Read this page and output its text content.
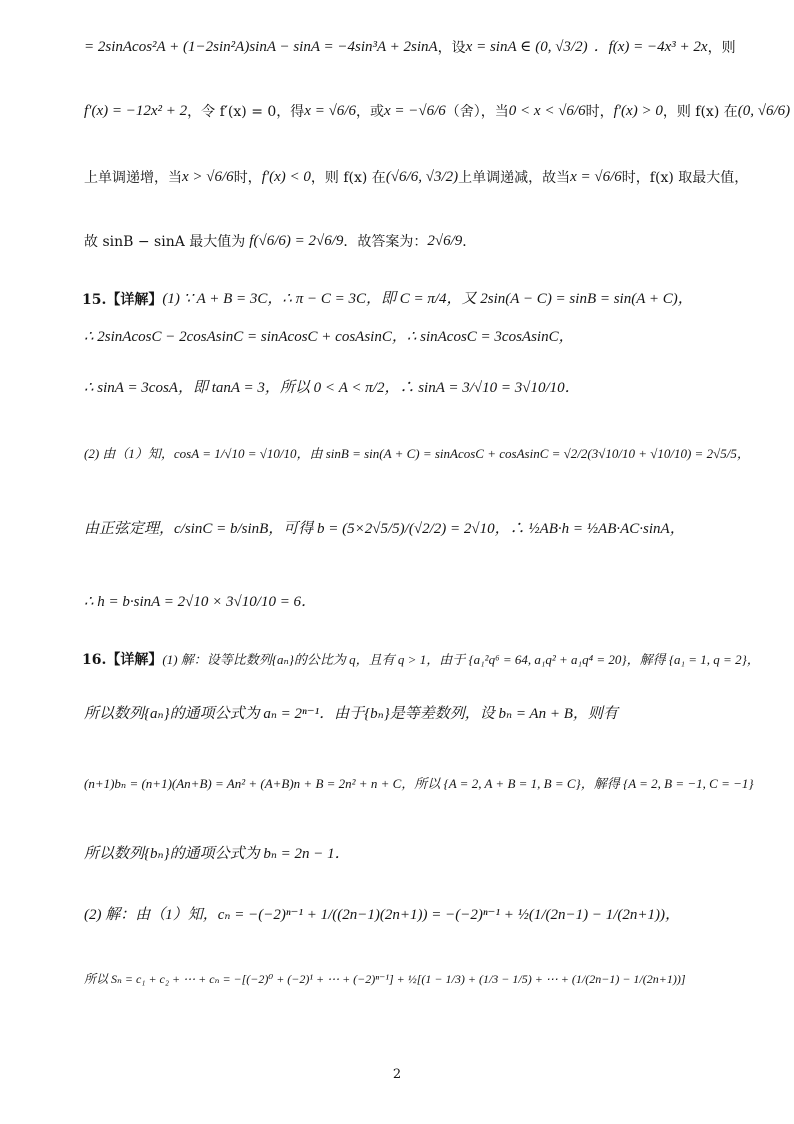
= 2sinAcos²A + (1−2sin²A)sinA − sinA = −4sin³A + 2sinA ，设 x = sinA ∈ (0, √3/2) ．f(x) = −4x³ + 2x ，则
f′(x) = −12x² + 2 ，令 f′(x) = 0，得 x = √6/6 ，或 x = −√6/6 （舍），当 0 < x < √6/6 时， f′(x) > 0 ，则 f(x) 在 (0, √6/6)
上单调递增，当 x > √6/6 时， f′(x) < 0 ，则 f(x) 在 (√6/6, √3/2) 上单调递减，故当 x = √6/6 时，f(x) 取最大值，
故 sinB − sinA 最大值为 f(√6/6) = 2√6/9 ．故答案为： 2√6/9 ．
15.【详解】 (1) ∵ A + B = 3C，∴ π − C = 3C，即 C = π/4，又 2sin(A − C) = sinB = sin(A + C)，
∴ 2sinAcosC − 2cosAsinC = sinAcosC + cosAsinC，∴ sinAcosC = 3cosAsinC，
∴ sinA = 3cosA，即 tanA = 3，所以 0 < A < π/2，∴ sinA = 3/√10 = 3√10/10．
(2) 由（1）知，cosA = 1/√10 = √10/10，由 sinB = sin(A + C) = sinAcosC + cosAsinC = √2/2(3√10/10 + √10/10) = 2√5/5，
由正弦定理，c/sinC = b/sinB，可得 b = (5×2√5/5)/(√2/2) = 2√10，∴ ½AB·h = ½AB·AC·sinA，
∴ h = b·sinA = 2√10 × 3√10/10 = 6．
16.【详解】 (1) 解：设等比数列{aₙ}的公比为 q，且有 q > 1，由于 {a₁²q⁶ = 64, a₁q² + a₁q⁴ = 20}，解得 {a₁ = 1, q = 2}，
所以数列{aₙ}的通项公式为 aₙ = 2ⁿ⁻¹．由于{bₙ}是等差数列，设 bₙ = An + B，则有
(n+1)bₙ = (n+1)(An+B) = An² + (A+B)n + B = 2n² + n + C，所以 {A = 2, A + B = 1, B = C}，解得 {A = 2, B = −1, C = −1}
所以数列{bₙ}的通项公式为 bₙ = 2n − 1．
(2) 解：由（1）知，cₙ = −(−2)ⁿ⁻¹ + 1/((2n−1)(2n+1)) = −(−2)ⁿ⁻¹ + ½(1/(2n−1) − 1/(2n+1))，
所以 Sₙ = c₁ + c₂ + ⋯ + cₙ = −[(−2)⁰ + (−2)¹ + ⋯ + (−2)ⁿ⁻¹] + ½[(1 − 1/3) + (1/3 − 1/5) + ⋯ + (1/(2n−1) − 1/(2n+1))]
2
